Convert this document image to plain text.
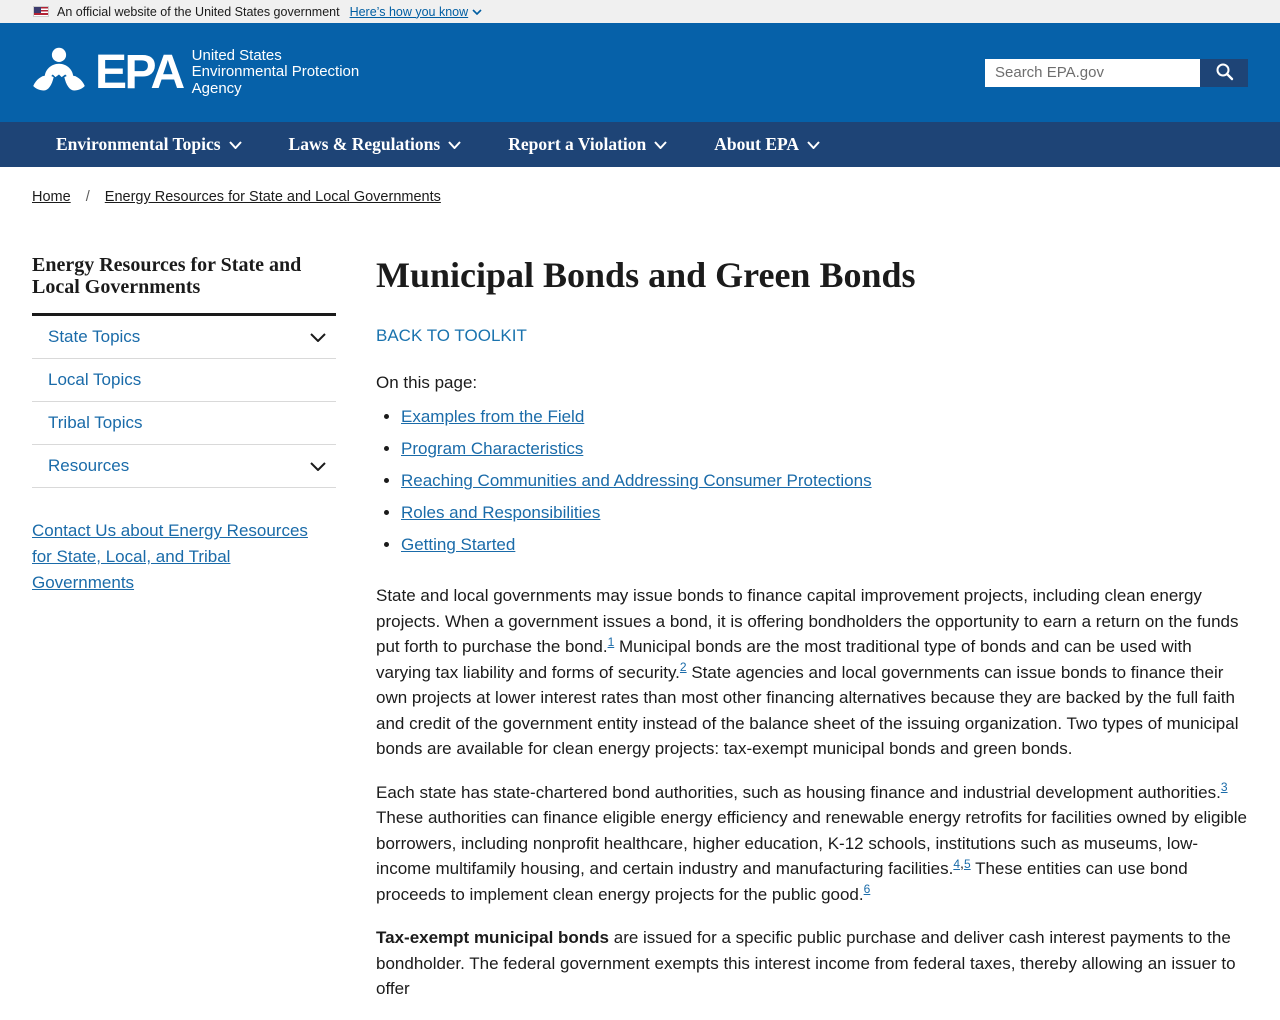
An official website of the United States government Here’s how you know
EPA United States
Environmental Protection
Agency
Search EPA.gov
Environmental Topics	Laws & Regulations	Report a Violation	About EPA
Home / Energy Resources for State and Local Governments
Energy Resources for State and Local Governments
State Topics
Local Topics
Tribal Topics
Resources
Contact Us about Energy Resources for State, Local, and Tribal Governments
Municipal Bonds and Green Bonds
BACK TO TOOLKIT

On this page:

• Examples from the Field
• Program Characteristics
• Reaching Communities and Addressing Consumer Protections
• Roles and Responsibilities
• Getting Started

State and local governments may issue bonds to finance capital improvement projects, including clean energy projects. When a government issues a bond, it is offering bondholders the opportunity to earn a return on the funds put forth to purchase the bond.$^1$ Municipal bonds are the most traditional type of bonds and can be used with varying tax liability and forms of security.$^2$ State agencies and local governments can issue bonds to finance their own projects at lower interest rates than most other financing alternatives because they are backed by the full faith and credit of the government entity instead of the balance sheet of the issuing organization. Two types of municipal bonds are available for clean energy projects: tax-exempt municipal bonds and green bonds.

Each state has state-chartered bond authorities, such as housing finance and industrial development authorities.$^3$ These authorities can finance eligible energy efficiency and renewable energy retrofits for facilities owned by eligible borrowers, including nonprofit healthcare, higher education, K-12 schools, institutions such as museums, low-income multifamily housing, and certain industry and manufacturing facilities.$^{4,5}$ These entities can use bond proceeds to implement clean energy projects for the public good.$^6$

Tax-exempt municipal bonds are issued for a specific public purchase and deliver cash interest payments to the bondholder. The federal government exempts this interest income from federal taxes, thereby allowing an issuer to offer
